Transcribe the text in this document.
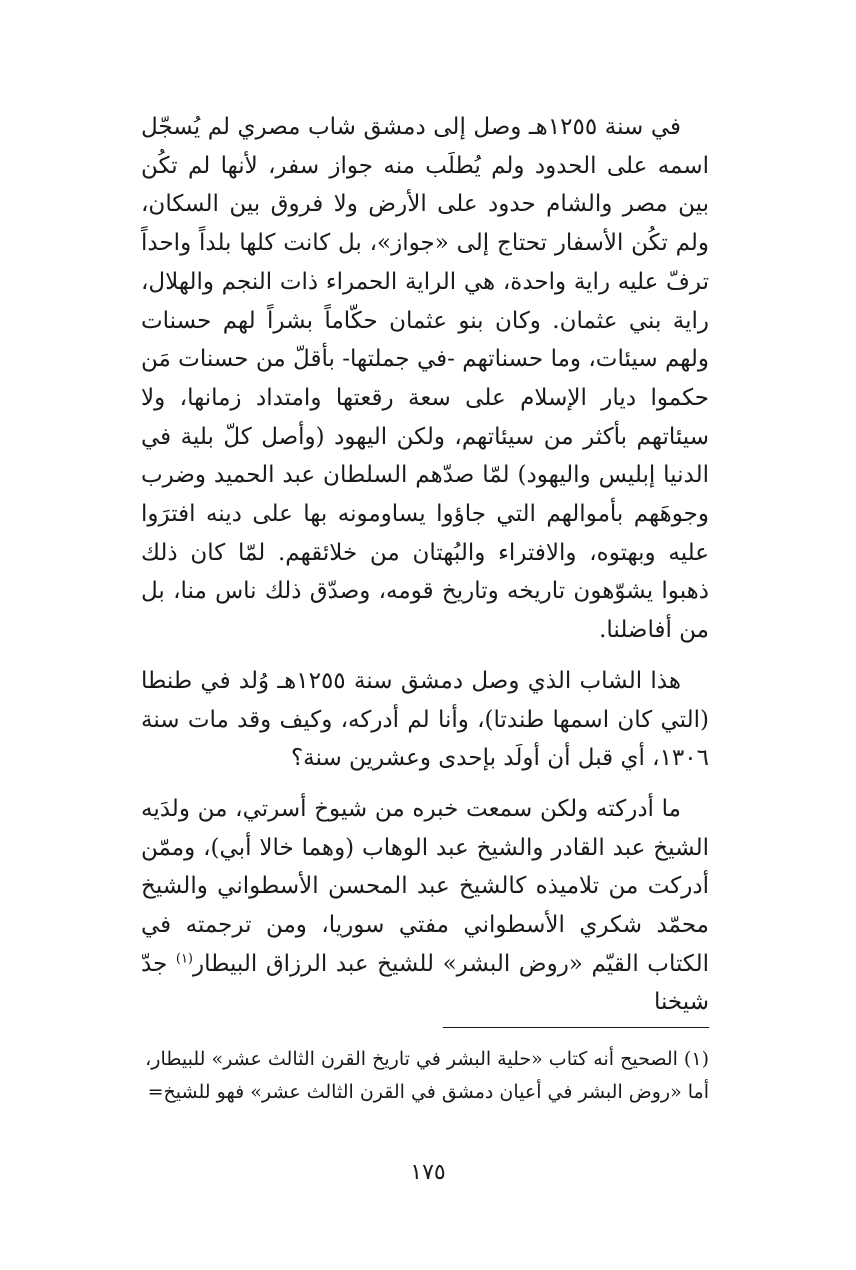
في سنة ١٢٥٥هـ وصل إلى دمشق شاب مصري لم يُسجّل اسمه على الحدود ولم يُطلَب منه جواز سفر، لأنها لم تكُن بين مصر والشام حدود على الأرض ولا فروق بين السكان، ولم تكُن الأسفار تحتاج إلى «جواز»، بل كانت كلها بلداً واحداً ترفّ عليه راية واحدة، هي الراية الحمراء ذات النجم والهلال، راية بني عثمان. وكان بنو عثمان حكّاماً بشراً لهم حسنات ولهم سيئات، وما حسناتهم -في جملتها- بأقلّ من حسنات مَن حكموا ديار الإسلام على سعة رقعتها وامتداد زمانها، ولا سيئاتهم بأكثر من سيئاتهم، ولكن اليهود (وأصل كلّ بلية في الدنيا إبليس واليهود) لمّا صدّهم السلطان عبد الحميد وضرب وجوهَهم بأموالهم التي جاؤوا يساومونه بها على دينه افترَوا عليه وبهتوه، والافتراء والبُهتان من خلائقهم. لمّا كان ذلك ذهبوا يشوّهون تاريخه وتاريخ قومه، وصدّق ذلك ناس منا، بل من أفاضلنا.

هذا الشاب الذي وصل دمشق سنة ١٢٥٥هـ وُلد في طنطا (التي كان اسمها طندتا)، وأنا لم أدركه، وكيف وقد مات سنة ١٣٠٦، أي قبل أن أولَد بإحدى وعشرين سنة؟

ما أدركته ولكن سمعت خبره من شيوخ أسرتي، من ولدَيه الشيخ عبد القادر والشيخ عبد الوهاب (وهما خالا أبي)، وممّن أدركت من تلاميذه كالشيخ عبد المحسن الأسطواني والشيخ محمّد شكري الأسطواني مفتي سوريا، ومن ترجمته في الكتاب القيّم «روض البشر» للشيخ عبد الرزاق البيطار$^{(١)}$ جدّ شيخنا

(١) الصحيح أنه كتاب «حلية البشر في تاريخ القرن الثالث عشر» للبيطار،

أما «روض البشر في أعيان دمشق في القرن الثالث عشر» فهو للشيخ=

١٧٥
